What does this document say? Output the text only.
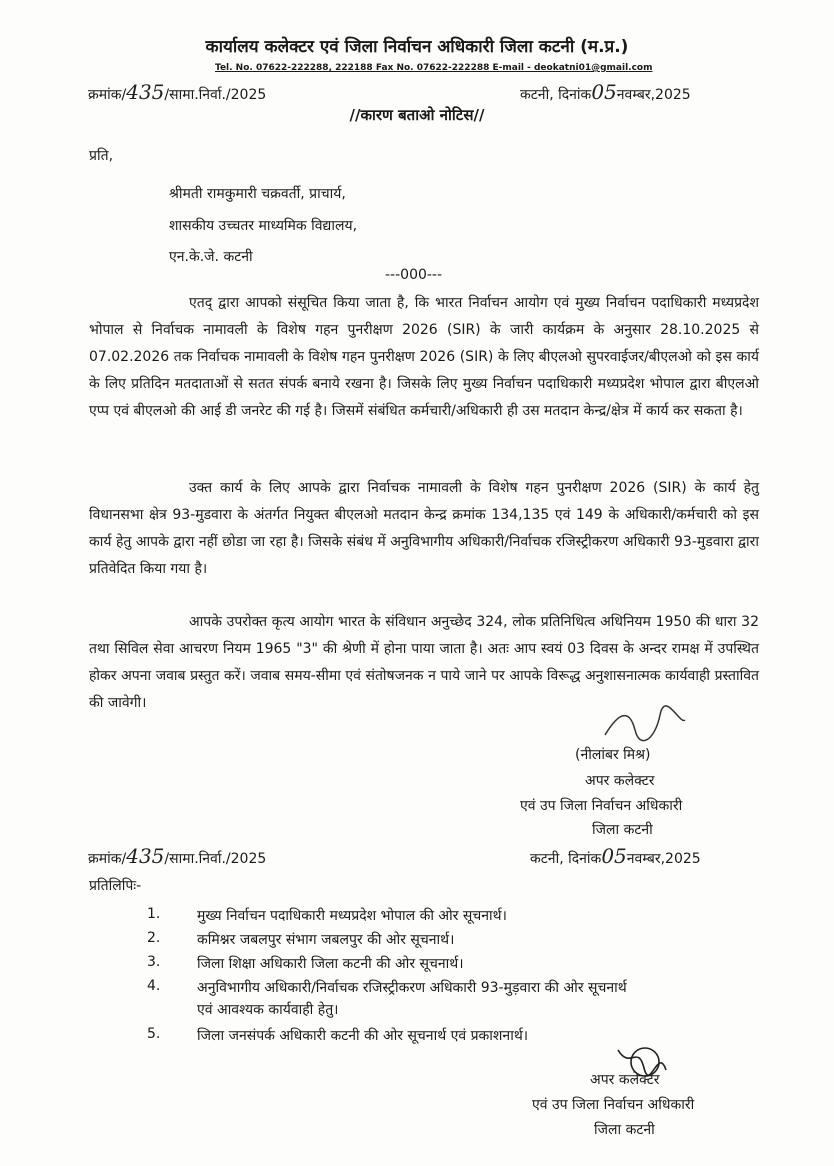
कार्यालय कलेक्टर एवं जिला निर्वाचन अधिकारी जिला कटनी (म.प्र.)
Tel. No. 07622-222288, 222188 Fax No. 07622-222288 E-mail - deokatni01@gmail.com
क्रमांक/435/सामा.निर्वा./2025	कटनी, दिनांक05नवम्बर,2025
//कारण बताओ नोटिस//
प्रति,
श्रीमती रामकुमारी चक्रवर्ती, प्राचार्य,
शासकीय उच्चतर माध्यमिक विद्यालय,
एन.के.जे. कटनी
---000---
एतद् द्वारा आपको संसूचित किया जाता है, कि भारत निर्वाचन आयोग एवं मुख्य निर्वाचन पदाधिकारी मध्यप्रदेश भोपाल से निर्वाचक नामावली के विशेष गहन पुनरीक्षण 2026 (SIR) के जारी कार्यक्रम के अनुसार 28.10.2025 से 07.02.2026 तक निर्वाचक नामावली के विशेष गहन पुनरीक्षण 2026 (SIR) के लिए बीएलओ सुपरवाईजर/बीएलओ को इस कार्य के लिए प्रतिदिन मतदाताओं से सतत संपर्क बनाये रखना है। जिसके लिए मुख्य निर्वाचन पदाधिकारी मध्यप्रदेश भोपाल द्वारा बीएलओ एप्प एवं बीएलओ की आई डी जनरेट की गई है। जिसमें संबंधित कर्मचारी/अधिकारी ही उस मतदान केन्द्र/क्षेत्र में कार्य कर सकता है।
उक्त कार्य के लिए आपके द्वारा निर्वाचक नामावली के विशेष गहन पुनरीक्षण 2026 (SIR) के कार्य हेतु विधानसभा क्षेत्र 93-मुडवारा के अंतर्गत नियुक्त बीएलओ मतदान केन्द्र क्रमांक 134,135 एवं 149 के अधिकारी/कर्मचारी को इस कार्य हेतु आपके द्वारा नहीं छोडा जा रहा है। जिसके संबंध में अनुविभागीय अधिकारी/निर्वाचक रजिस्ट्रीकरण अधिकारी 93-मुडवारा द्वारा प्रतिवेदित किया गया है।
आपके उपरोक्त कृत्य आयोग भारत के संविधान अनुच्छेद 324, लोक प्रतिनिधित्व अधिनियम 1950 की धारा 32 तथा सिविल सेवा आचरण नियम 1965 "3" की श्रेणी में होना पाया जाता है। अतः आप स्वयं 03 दिवस के अन्दर रामक्ष में उपस्थित होकर अपना जवाब प्रस्तुत करें। जवाब समय-सीमा एवं संतोषजनक न पाये जाने पर आपके विरूद्ध अनुशासनात्मक कार्यवाही प्रस्तावित की जावेगी।
(नीलांबर मिश्र)
अपर कलेक्टर
एवं उप जिला निर्वाचन अधिकारी
जिला कटनी
क्रमांक/435/सामा.निर्वा./2025	कटनी, दिनांक05नवम्बर,2025
प्रतिलिपिः-
1.	मुख्य निर्वाचन पदाधिकारी मध्यप्रदेश भोपाल की ओर सूचनार्थ।
2.	कमिश्नर जबलपुर संभाग जबलपुर की ओर सूचनार्थ।
3.	जिला शिक्षा अधिकारी जिला कटनी की ओर सूचनार्थ।
4.	अनुविभागीय अधिकारी/निर्वाचक रजिस्ट्रीकरण अधिकारी 93-मुड़वारा की ओर सूचनार्थ
एवं आवश्यक कार्यवाही हेतु।
5.	जिला जनसंपर्क अधिकारी कटनी की ओर सूचनार्थ एवं प्रकाशनार्थ।
अपर कलेक्टर
एवं उप जिला निर्वाचन अधिकारी
जिला कटनी
